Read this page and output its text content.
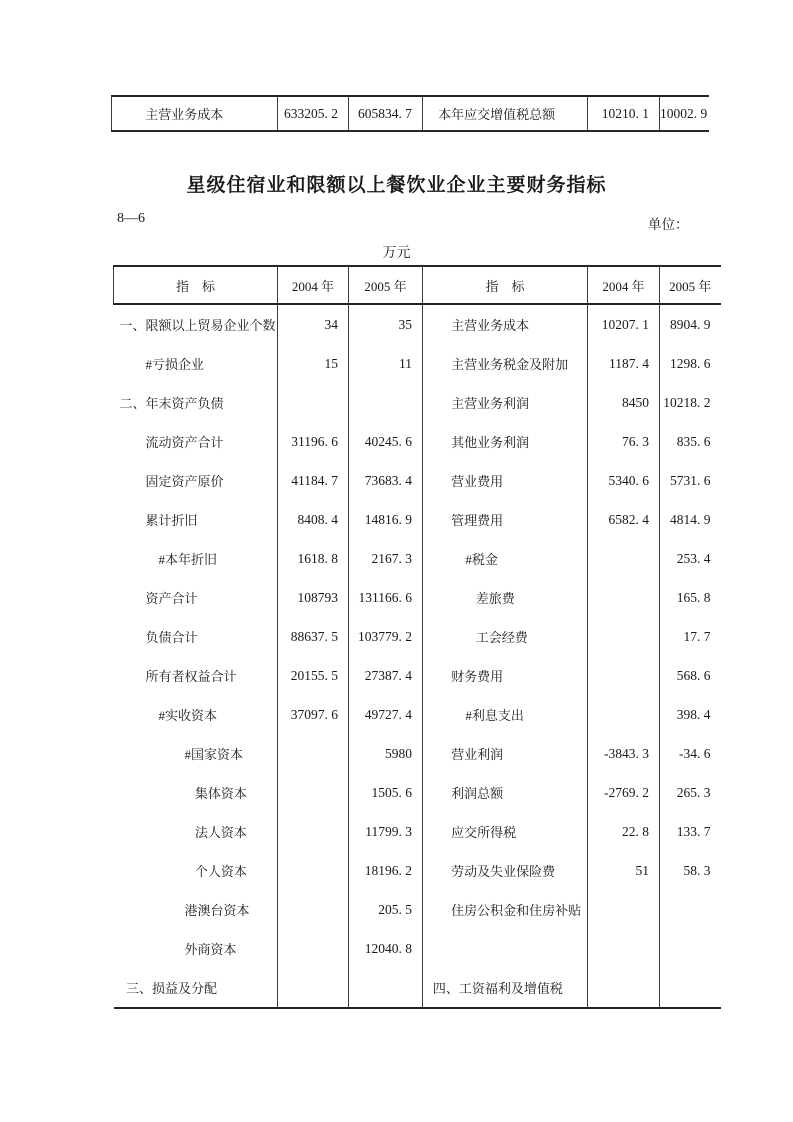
主营业务成本	633205. 2	605834. 7	本年应交增值税总额	10210. 1	10002. 9
星级住宿业和限额以上餐饮业企业主要财务指标
8—6	单位：
万元
指　标	2004 年	2005 年	指　标	2004 年	2005 年
一、限额以上贸易企业个数	34	35	主营业务成本	10207. 1	8904. 9
#亏损企业	15	11	主营业务税金及附加	1187. 4	1298. 6
二、年末资产负债			主营业务利润	8450	10218. 2
流动资产合计	31196. 6	40245. 6	其他业务利润	76. 3	835. 6
固定资产原价	41184. 7	73683. 4	营业费用	5340. 6	5731. 6
累计折旧	8408. 4	14816. 9	管理费用	6582. 4	4814. 9
#本年折旧	1618. 8	2167. 3	#税金		253. 4
资产合计	108793	131166. 6	差旅费		165. 8
负债合计	88637. 5	103779. 2	工会经费		17. 7
所有者权益合计	20155. 5	27387. 4	财务费用		568. 6
#实收资本	37097. 6	49727. 4	#利息支出		398. 4
#国家资本		5980	营业利润	-3843. 3	-34. 6
集体资本		1505. 6	利润总额	-2769. 2	265. 3
法人资本		11799. 3	应交所得税	22. 8	133. 7
个人资本		18196. 2	劳动及失业保险费	51	58. 3
港澳台资本		205. 5	住房公积金和住房补贴		
外商资本		12040. 8			
三、损益及分配			四、工资福利及增值税		
